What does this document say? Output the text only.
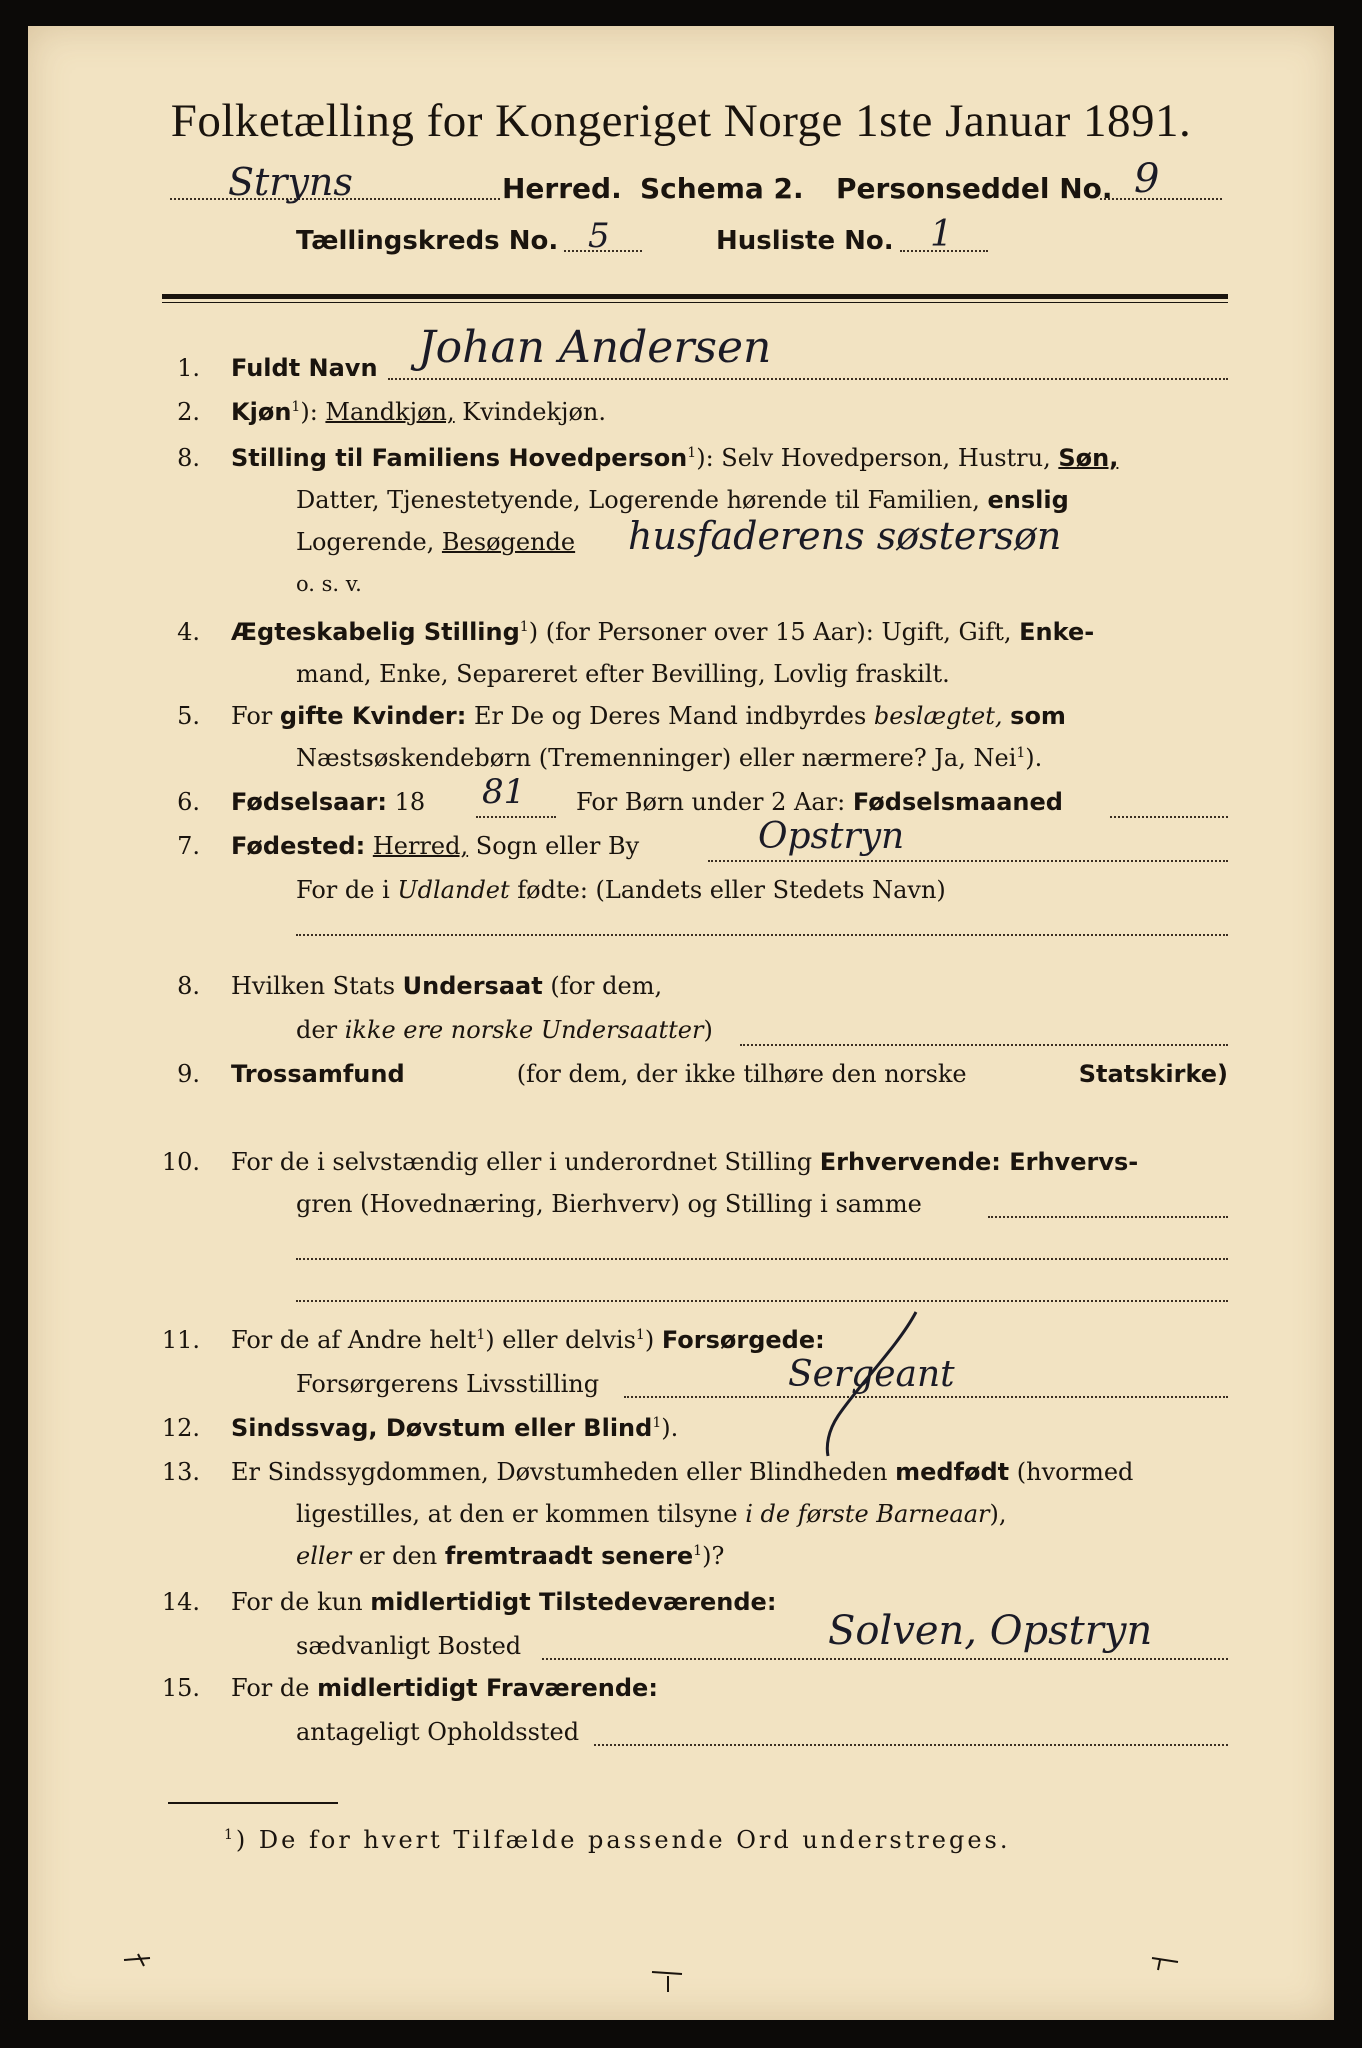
Folketælling for Kongeriget Norge 1ste Januar 1891.
Stryns	Herred. Schema 2. Personseddel No. 9
Tællingskreds No. 5	Husliste No. 1
1. Fuldt Navn Johan Andersen
2. Kjøn$^1$): Mandkjøn, Kvindekjøn.
8. Stilling til Familiens Hovedperson$^1$): Selv Hovedperson, Hustru, Søn,
Datter, Tjenestetyende, Logerende hørende til Familien, enslig
Logerende, Besøgende husfaderens søstersøn
o. s. v.
4. Ægteskabelig Stilling$^1$) (for Personer over 15 Aar): Ugift, Gift, Enke-
mand, Enke, Separeret efter Bevilling, Lovlig fraskilt.
5. For gifte Kvinder: Er De og Deres Mand indbyrdes beslægtet, som
Næstsøskendebørn (Tremenninger) eller nærmere? Ja, Nei$^1$).
6. Fødselsaar: 18 81 For Børn under 2 Aar: Fødselsmaaned
7. Fødested: Herred, Sogn eller By	Opstryn
For de i Udlandet fødte: (Landets eller Stedets Navn)
8. Hvilken Stats Undersaat (for dem,
der ikke ere norske Undersaatter)
9. Trossamfund	(for dem, der ikke tilhøre den norske	Statskirke)
10. For de i selvstændig eller i underordnet Stilling Erhvervende: Erhvervs-
gren (Hovednæring, Bierhverv) og Stilling i samme
11. For de af Andre helt$^1$) eller delvis$^1$) Forsørgede:
Forsørgerens Livsstilling	Sergeant
12. Sindssvag, Døvstum eller Blind$^1$).
13. Er Sindssygdommen, Døvstumheden eller Blindheden medfødt (hvormed
ligestilles, at den er kommen tilsyne i de første Barneaar),
eller er den fremtraadt senere$^1$)?
14. For de kun midlertidigt Tilstedeværende:
sædvanligt Bosted	Solven, Opstryn
15. For de midlertidigt Fraværende:
antageligt Opholdssted
$^1$) De for hvert Tilfælde passende Ord understreges.
